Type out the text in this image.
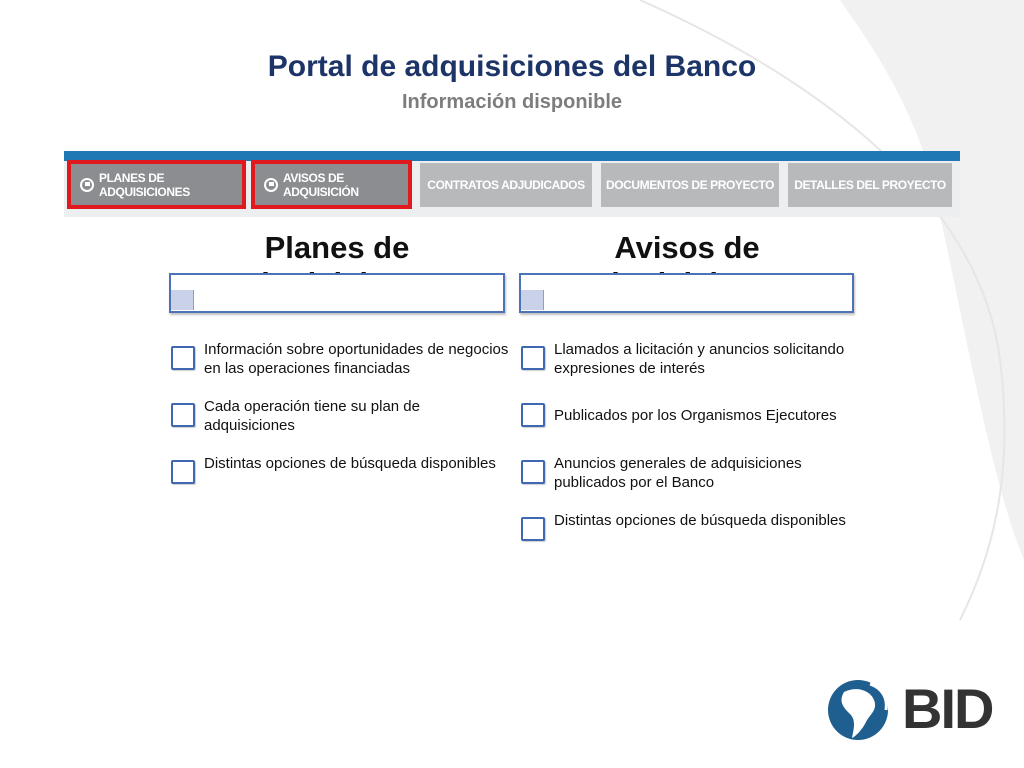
Portal de adquisiciones del Banco
Información disponible
PLANES DE ADQUISICIONES
AVISOS DE ADQUISICIÓN	CONTRATOS ADJUDICADOS DOCUMENTOS DE PROYECTO DETALLES DEL PROYECTO
Planes de
Información sobre oportunidades de negocios en las operaciones financiadas
Cada operación tiene su plan de adquisiciones
Distintas opciones de búsqueda disponibles
Avisos de
Llamados a licitación y anuncios solicitando expresiones de interés
Publicados por los Organismos Ejecutores
Anuncios generales de adquisiciones publicados por el Banco
Distintas opciones de búsqueda disponibles
BID
